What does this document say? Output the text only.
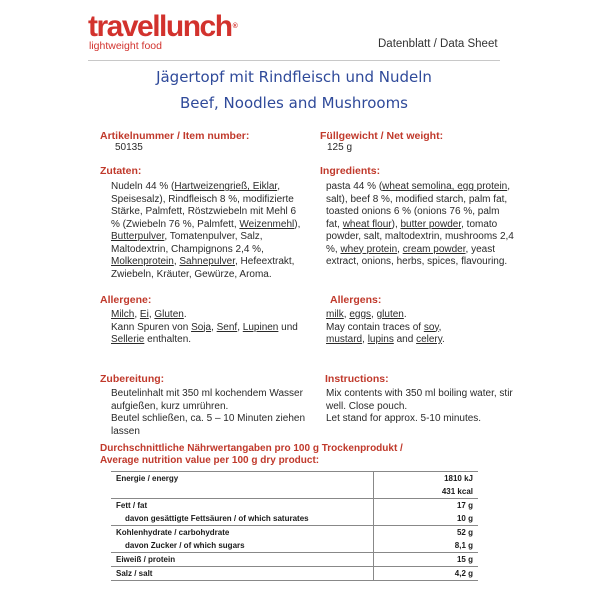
travellunch®
lightweight food	Datenblatt / Data Sheet
Jägertopf mit Rindfleisch und Nudeln
Beef, Noodles and Mushrooms
Artikelnummer / Item number:
50135
Füllgewicht / Net weight:
125 g
Zutaten:
Nudeln 44 % (Hartweizengrieß, Eiklar, Speisesalz), Rindfleisch 8 %, modifizierte Stärke, Palmfett, Röstzwiebeln mit Mehl 6 % (Zwiebeln 76 %, Palmfett, Weizenmehl), Butterpulver, Tomatenpulver, Salz, Maltodextrin, Champignons 2,4 %, Molkenprotein, Sahnepulver, Hefeextrakt, Zwiebeln, Kräuter, Gewürze, Aroma.
Ingredients:
pasta 44 % (wheat semolina, egg protein, salt), beef 8 %, modified starch, palm fat, toasted onions 6 % (onions 76 %, palm fat, wheat flour), butter powder, tomato powder, salt, maltodextrin, mushrooms 2,4 %, whey protein, cream powder, yeast extract, onions, herbs, spices, flavouring.
Allergene:
Milch, Ei, Gluten.
Kann Spuren von Soja, Senf, Lupinen und Sellerie enthalten.
Allergens:
milk, eggs, gluten.
May contain traces of soy,
mustard, lupins and celery.
Zubereitung:
Beutelinhalt mit 350 ml kochendem Wasser aufgießen, kurz umrühren.
Beutel schließen, ca. 5 – 10 Minuten ziehen lassen
Instructions:
Mix contents with 350 ml boiling water, stir well. Close pouch.
Let stand for approx. 5-10 minutes.
Durchschnittliche Nährwertangaben pro 100 g Trockenprodukt /
Average nutrition value per 100 g dry product:
Energie / energy	1810 kJ
	431 kcal
Fett / fat	17 g
davon gesättigte Fettsäuren / of which saturates	10 g
Kohlenhydrate / carbohydrate	52 g
davon Zucker / of which sugars	8,1 g
Eiweiß / protein	15 g
Salz / salt	4,2 g
